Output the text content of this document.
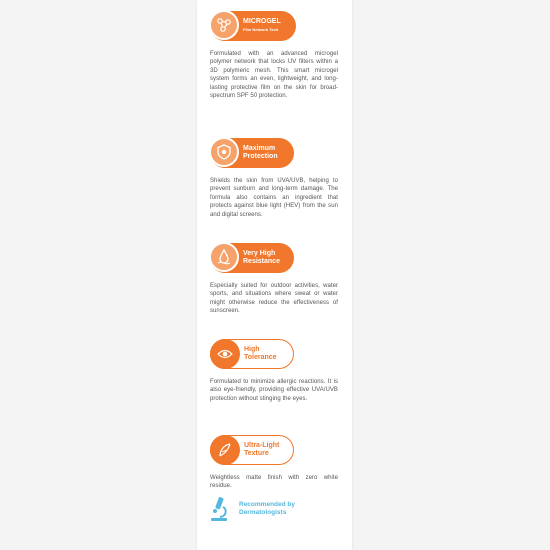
MICROGEL
Film Network Tech
Formulated with an advanced microgel polymer network that locks UV filters within a 3D polymeric mesh. This smart microgel system forms an even, lightweight, and long-lasting protective film on the skin for broad-spectrum SPF 50 protection.
Maximum
Protection
Shields the skin from UVA/UVB, helping to prevent sunburn and long-term damage. The formula also contains an ingredient that protects against blue light (HEV) from the sun and digital screens.
Very High
Resistance
Especially suited for outdoor activities, water sports, and situations where sweat or water might otherwise reduce the effectiveness of sunscreen.
High
Tolerance
Formulated to minimize allergic reactions. It is also eye-friendly, providing effective UVA/UVB protection without stinging the eyes.
Ultra-Light
Texture
Weightless matte finish with zero white residue.
Recommended by
Dermatologists
